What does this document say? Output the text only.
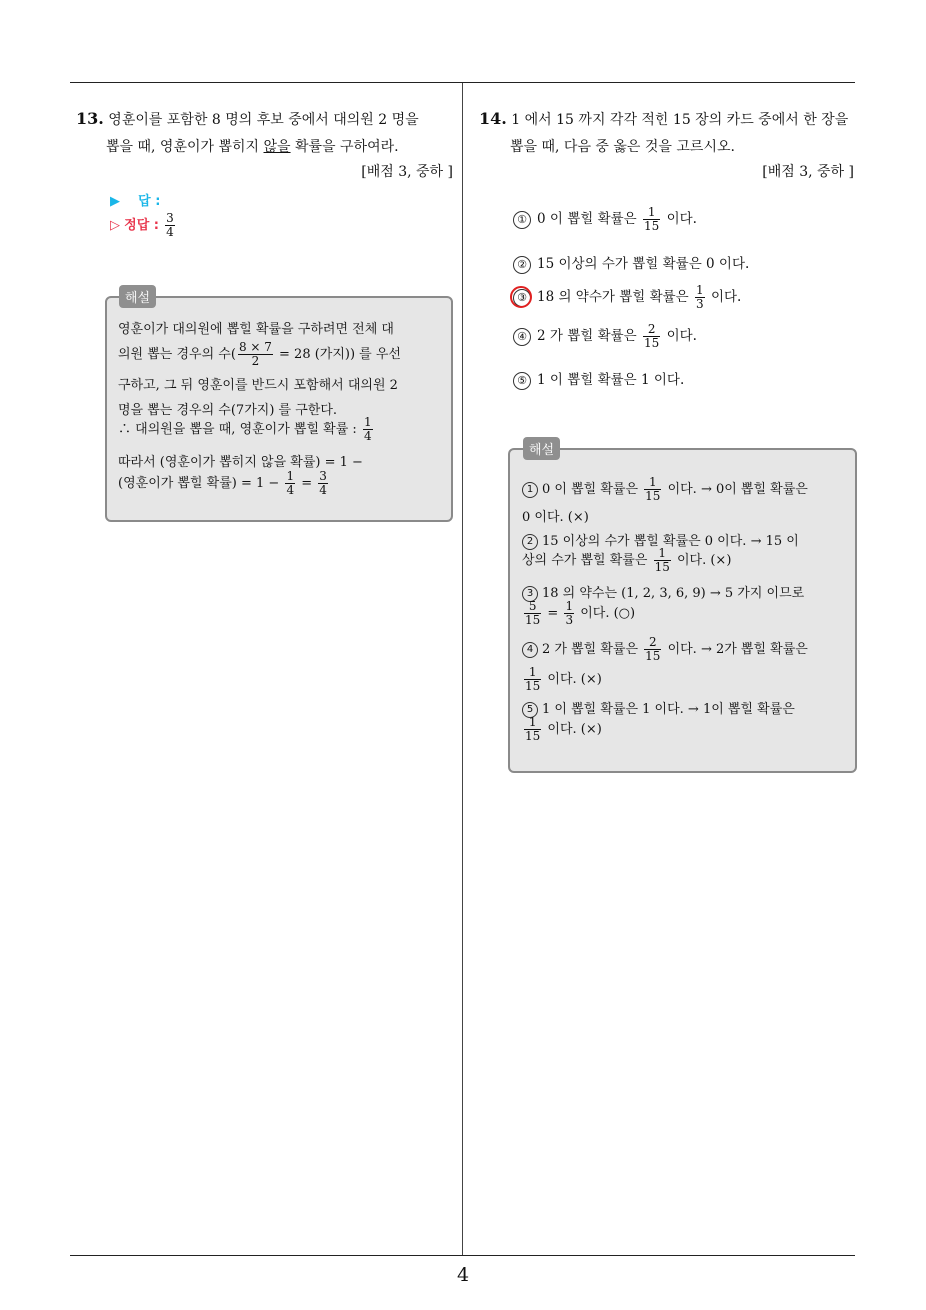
13. 영훈이를 포함한 8 명의 후보 중에서 대의원 2 명을
뽑을 때, 영훈이가 뽑히지 않을 확률을 구하여라.
[배점 3, 중하 ]
▶ 답 :
▷ 정답 : $\frac{3}{4}$
영훈이가 대의원에 뽑힐 확률을 구하려면 전체 대
의원 뽑는 경우의 수( $\frac{8 \times 7}{2} = 28$ (가지)) 를 우선
구하고, 그 뒤 영훈이를 반드시 포함해서 대의원 2
명을 뽑는 경우의 수(7가지) 를 구한다.
∴ 대의원을 뽑을 때, 영훈이가 뽑힐 확률 : $\frac{1}{4}$
따라서 (영훈이가 뽑히지 않을 확률) = 1 −
(영훈이가 뽑힐 확률) = $1 - \frac{1}{4} = \frac{3}{4}$
해설
14. 1 에서 15 까지 각각 적힌 15 장의 카드 중에서 한 장을
뽑을 때, 다음 중 옳은 것을 고르시오.
[배점 3, 중하 ]
① 0 이 뽑힐 확률은 $\frac{1}{15}$ 이다.
② 15 이상의 수가 뽑힐 확률은 0 이다.
③ 18 의 약수가 뽑힐 확률은 $\frac{1}{3}$ 이다.
④ 2 가 뽑힐 확률은 $\frac{2}{15}$ 이다.
⑤ 1 이 뽑힐 확률은 1 이다.
1 0 이 뽑힐 확률은 $\frac{1}{15}$ 이다. → 0이 뽑힐 확률은
0 이다. (×)
2 15 이상의 수가 뽑힐 확률은 0 이다. → 15 이
상의 수가 뽑힐 확률은 $\frac{1}{15}$ 이다. (×)
3 18 의 약수는 (1, 2, 3, 6, 9) → 5 가지 이므로
$\frac{5}{15} = \frac{1}{3}$ 이다. (○)
4 2 가 뽑힐 확률은 $\frac{2}{15}$ 이다. → 2가 뽑힐 확률은
$\frac{1}{15}$ 이다. (×)
5 1 이 뽑힐 확률은 1 이다. → 1이 뽑힐 확률은
$\frac{1}{15}$ 이다. (×)
해설
4
